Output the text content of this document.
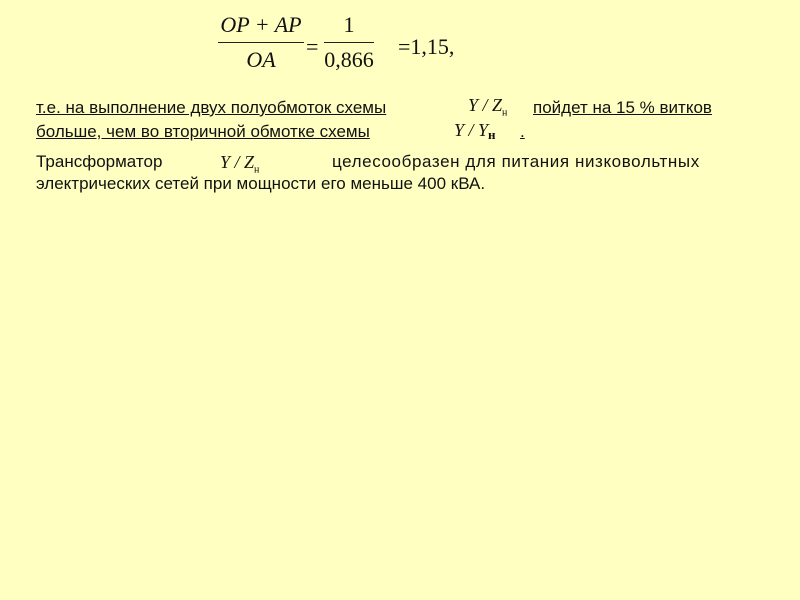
OP + AP
OA
=
1
0,866
=1,15,
т.е. на выполнение двух полуобмоток схемы	Y / $Z_н$ пойдет на 15 % витков
больше, чем во вторичной обмотке схемы	Y / Yн .
Трансформатор	Y / $Z_н$	целесообразен для питания низковольтных
электрических сетей при мощности его меньше 400 кВА.
